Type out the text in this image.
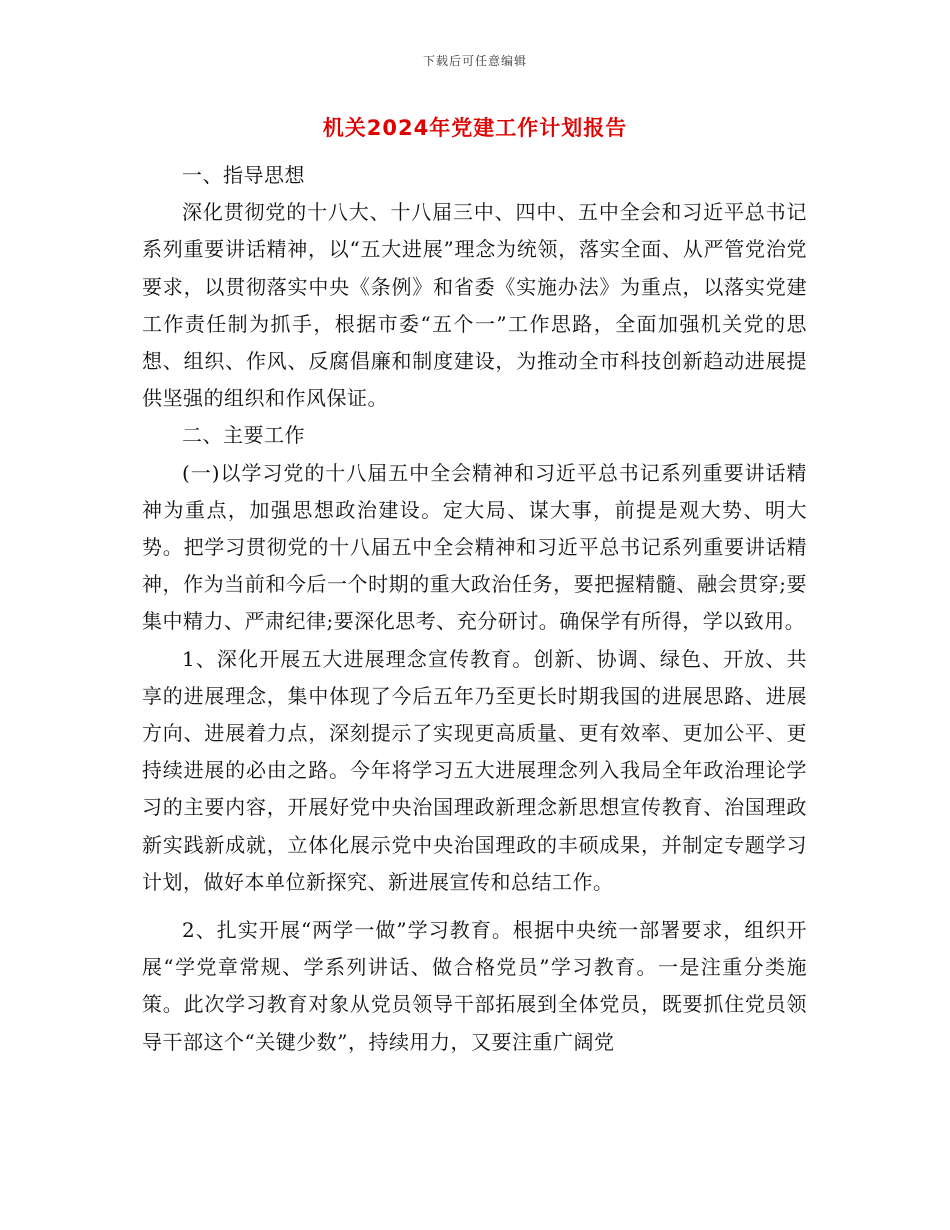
下载后可任意编辑
机关2024年党建工作计划报告

一、指导思想

深化贯彻党的十八大、十八届三中、四中、五中全会和习近平总书记系列重要讲话精神，以“五大进展”理念为统领，落实全面、从严管党治党要求，以贯彻落实中央《条例》和省委《实施办法》为重点，以落实党建工作责任制为抓手，根据市委“五个一”工作思路，全面加强机关党的思想、组织、作风、反腐倡廉和制度建设，为推动全市科技创新趋动进展提供坚强的组织和作风保证。

二、主要工作

(一)以学习党的十八届五中全会精神和习近平总书记系列重要讲话精神为重点，加强思想政治建设。定大局、谋大事，前提是观大势、明大势。把学习贯彻党的十八届五中全会精神和习近平总书记系列重要讲话精神，作为当前和今后一个时期的重大政治任务，要把握精髓、融会贯穿;要集中精力、严肃纪律;要深化思考、充分研讨。确保学有所得，学以致用。

1、深化开展五大进展理念宣传教育。创新、协调、绿色、开放、共享的进展理念，集中体现了今后五年乃至更长时期我国的进展思路、进展方向、进展着力点，深刻提示了实现更高质量、更有效率、更加公平、更持续进展的必由之路。今年将学习五大进展理念列入我局全年政治理论学习的主要内容，开展好党中央治国理政新理念新思想宣传教育、治国理政新实践新成就，立体化展示党中央治国理政的丰硕成果，并制定专题学习计划，做好本单位新探究、新进展宣传和总结工作。

2、扎实开展“两学一做”学习教育。根据中央统一部署要求，组织开展“学党章常规、学系列讲话、做合格党员”学习教育。一是注重分类施策。此次学习教育对象从党员领导干部拓展到全体党员，既要抓住党员领导干部这个“关键少数”，持续用力，又要注重广阔党
